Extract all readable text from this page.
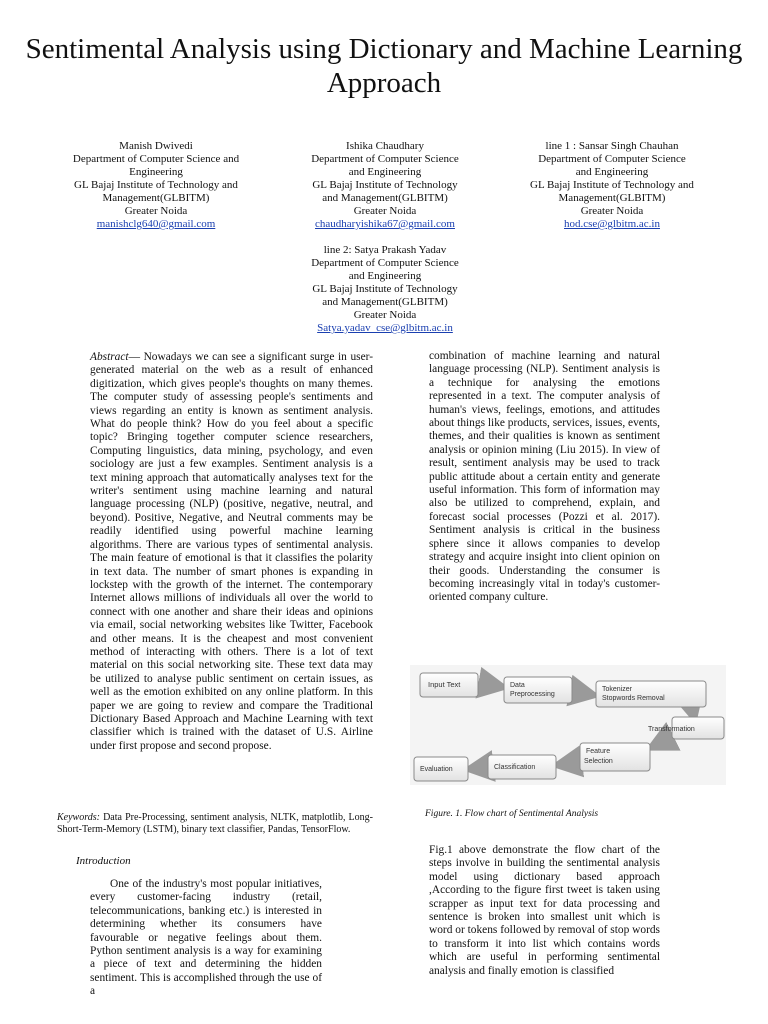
Sentimental Analysis using Dictionary and Machine Learning Approach
Manish Dwivedi
Department of Computer Science and
Engineering
GL Bajaj Institute of Technology and
Management(GLBITM)
Greater Noida
manishclg640@gmail.com
Ishika Chaudhary
Department of Computer Science
and Engineering
GL Bajaj Institute of Technology
and Management(GLBITM)
Greater Noida
chaudharyishika67@gmail.com
line 1 : Sansar Singh Chauhan
Department of Computer Science
and Engineering
GL Bajaj Institute of Technology and
Management(GLBITM)
Greater Noida
hod.cse@glbitm.ac.in
line 2: Satya Prakash Yadav
Department of Computer Science
and Engineering
GL Bajaj Institute of Technology
and Management(GLBITM)
Greater Noida
Satya.yadav_cse@glbitm.ac.in

Abstract— Nowadays we can see a significant surge in user-generated material on the web as a result of enhanced digitization, which gives people's thoughts on many themes. The computer study of assessing people's sentiments and views regarding an entity is known as sentiment analysis. What do people think? How do you feel about a specific topic? Bringing together computer science researchers, Computing linguistics, data mining, psychology, and even sociology are just a few examples. Sentiment analysis is a text mining approach that automatically analyses text for the writer's sentiment using machine learning and natural language processing (NLP) (positive, negative, neutral, and beyond). Positive, Negative, and Neutral comments may be readily identified using powerful machine learning algorithms. There are various types of sentimental analysis. The main feature of emotional is that it classifies the polarity in text data. The number of smart phones is expanding in lockstep with the growth of the internet. The contemporary Internet allows millions of individuals all over the world to connect with one another and share their ideas and opinions via email, social networking websites like Twitter, Facebook and other means. It is the cheapest and most convenient method of interacting with others. There is a lot of text material on this social networking site. These text data may be utilized to analyse public sentiment on certain issues, as well as the emotion exhibited on any online platform. In this paper we are going to review and compare the Traditional Dictionary Based Approach and Machine Learning with text classifier which is trained with the dataset of U.S. Airline under first propose and second propose.

Keywords: Data Pre-Processing, sentiment analysis, NLTK, matplotlib, Long-Short-Term-Memory (LSTM), binary text classifier, Pandas, TensorFlow.
Introduction

One of the industry's most popular initiatives, every customer-facing industry (retail, telecommunications, banking etc.) is interested in determining whether its consumers have favourable or negative feelings about them. Python sentiment analysis is a way for examining a piece of text and determining the hidden sentiment. This is accomplished through the use of a

combination of machine learning and natural language processing (NLP). Sentiment analysis is a technique for analysing the emotions represented in a text. The computer analysis of human's views, feelings, emotions, and attitudes about things like products, services, issues, events, themes, and their qualities is known as sentiment analysis or opinion mining (Liu 2015). In view of result, sentiment analysis may be used to track public attitude about a certain entity and generate useful information. This form of information may also be utilized to comprehend, explain, and forecast social processes (Pozzi et al. 2017). Sentiment analysis is critical in the business sphere since it allows companies to develop strategy and acquire insight into client opinion on their goods. Understanding the consumer is becoming increasingly vital in today's customer-oriented company culture.

Input Text	Data
Preprocessing
Tokenizer
Stopwords Removal
Transformation
Feature
Selection
Classification
Evaluation
Figure. 1. Flow chart of Sentimental Analysis

Fig.1 above demonstrate the flow chart of the steps involve in building the sentimental analysis model using dictionary based approach ,According to the figure first tweet is taken using scrapper as input text for data processing and sentence is broken into smallest unit which is word or tokens followed by removal of stop words to transform it into list which contains words which are useful in performing sentimental analysis and finally emotion is classified
